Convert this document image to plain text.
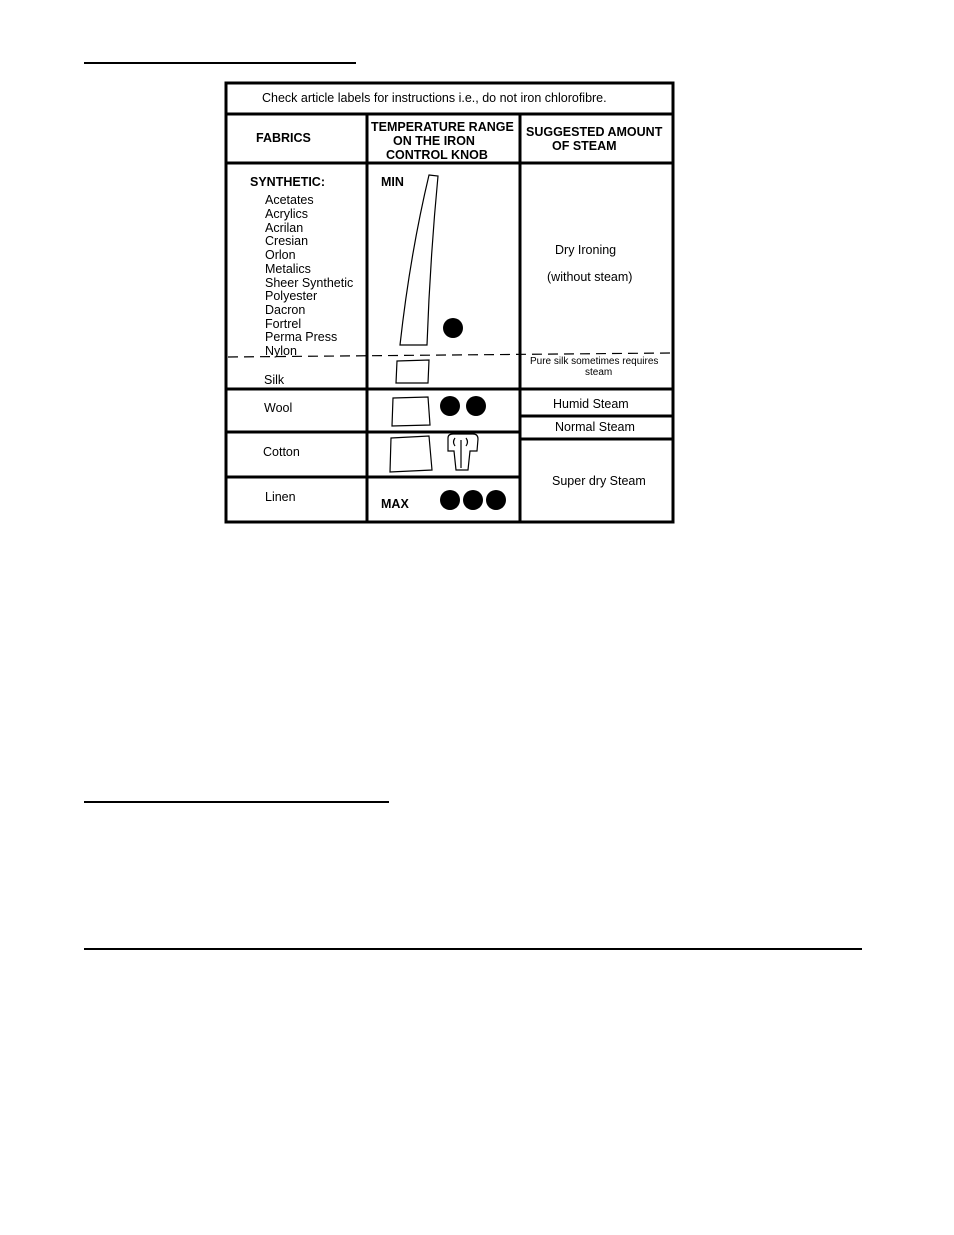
Check article labels for instructions i.e., do not iron chlorofibre.
FABRICS
TEMPERATURE RANGE
ON THE IRON
CONTROL KNOB
SUGGESTED AMOUNT
OF STEAM
SYNTHETIC:
Acetates
Acrylics
Acrilan
Cresian
Orlon
Metalics
Sheer Synthetic
Polyester
Dacron
Fortrel
Perma Press
Nylon
Silk
Wool
Cotton
Linen
MIN
MAX
Dry Ironing
(without steam)
Pure silk sometimes requires
steam
Humid Steam
Normal Steam
Super dry Steam
